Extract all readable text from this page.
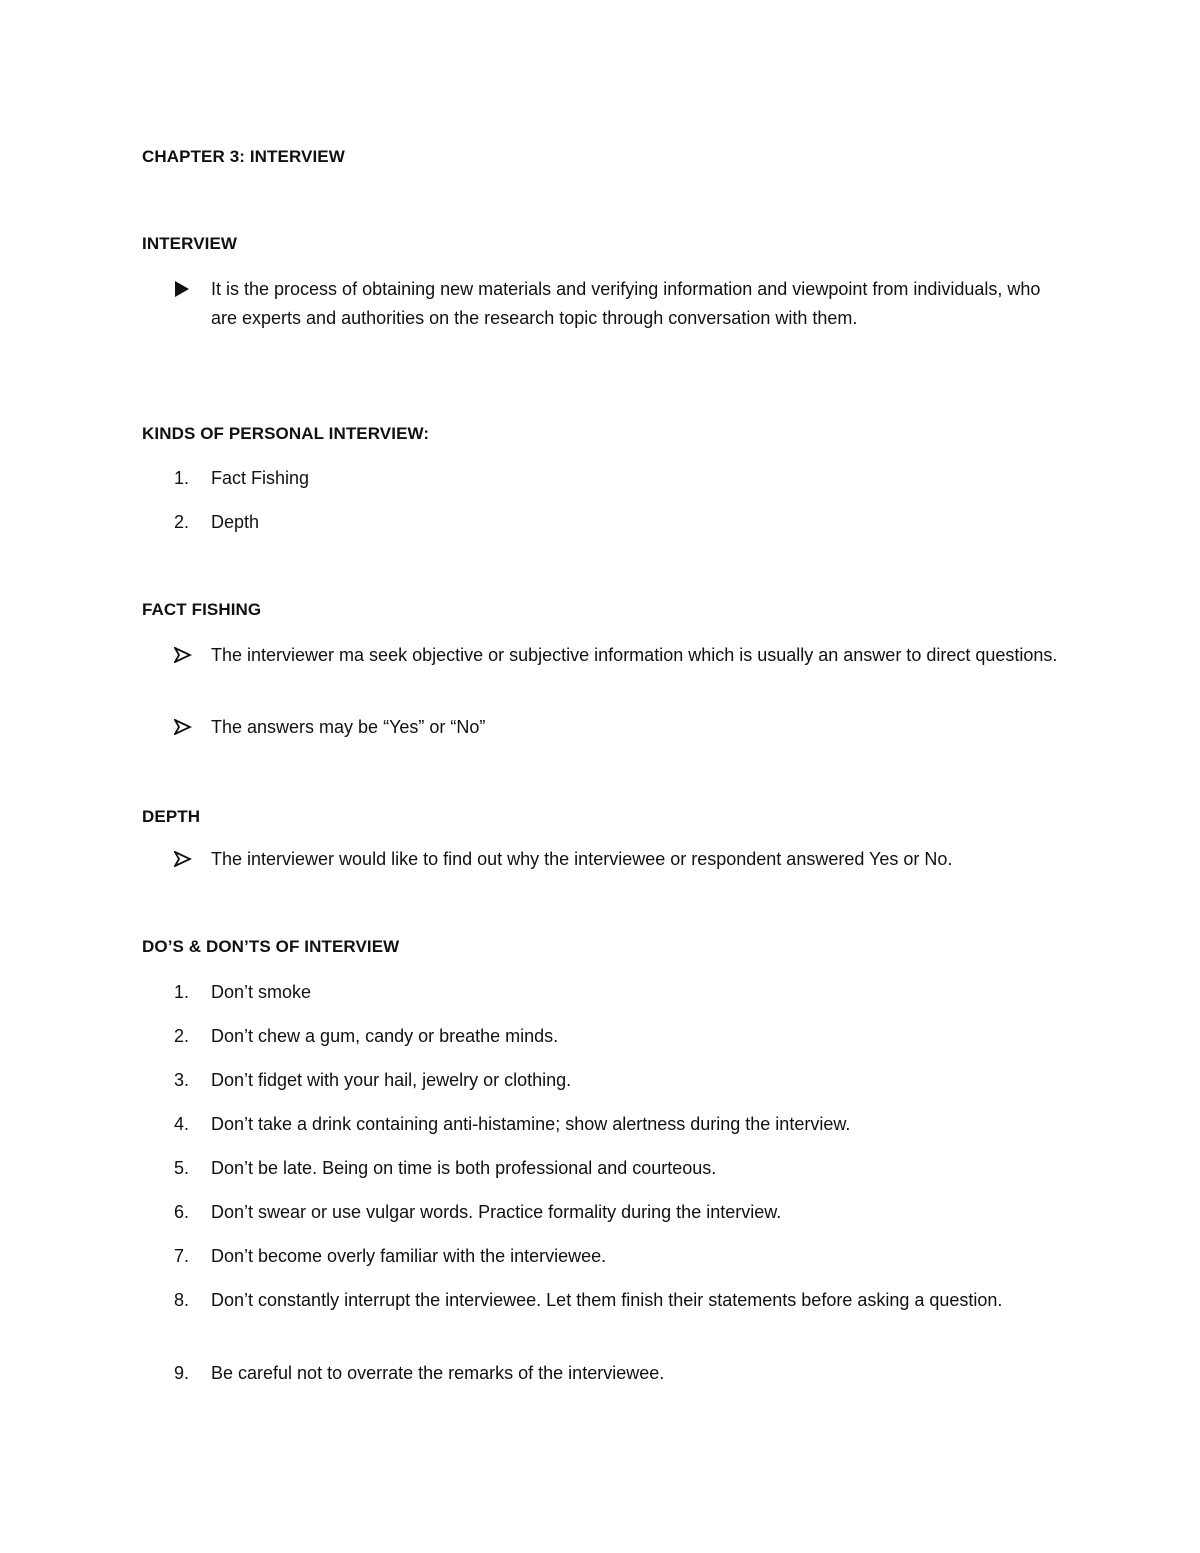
CHAPTER 3: INTERVIEW
INTERVIEW
It is the process of obtaining new materials and verifying information and viewpoint from individuals, who are experts and authorities on the research topic through conversation with them.
KINDS OF PERSONAL INTERVIEW:
1.	Fact Fishing
2.	Depth
FACT FISHING
The interviewer ma seek objective or subjective information which is usually an answer to direct questions.
The answers may be “Yes” or “No”
DEPTH
The interviewer would like to find out why the interviewee or respondent answered Yes or No.
DO’S & DON’TS OF INTERVIEW
1.	Don’t smoke
2.	Don’t chew a gum, candy or breathe minds.
3.	Don’t fidget with your hail, jewelry or clothing.
4.	Don’t take a drink containing anti-histamine; show alertness during the interview.
5.	Don’t be late. Being on time is both professional and courteous.
6.	Don’t swear or use vulgar words. Practice formality during the interview.
7.	Don’t become overly familiar with the interviewee.
8.	Don’t constantly interrupt the interviewee. Let them finish their statements before asking a question.
9.	Be careful not to overrate the remarks of the interviewee.
